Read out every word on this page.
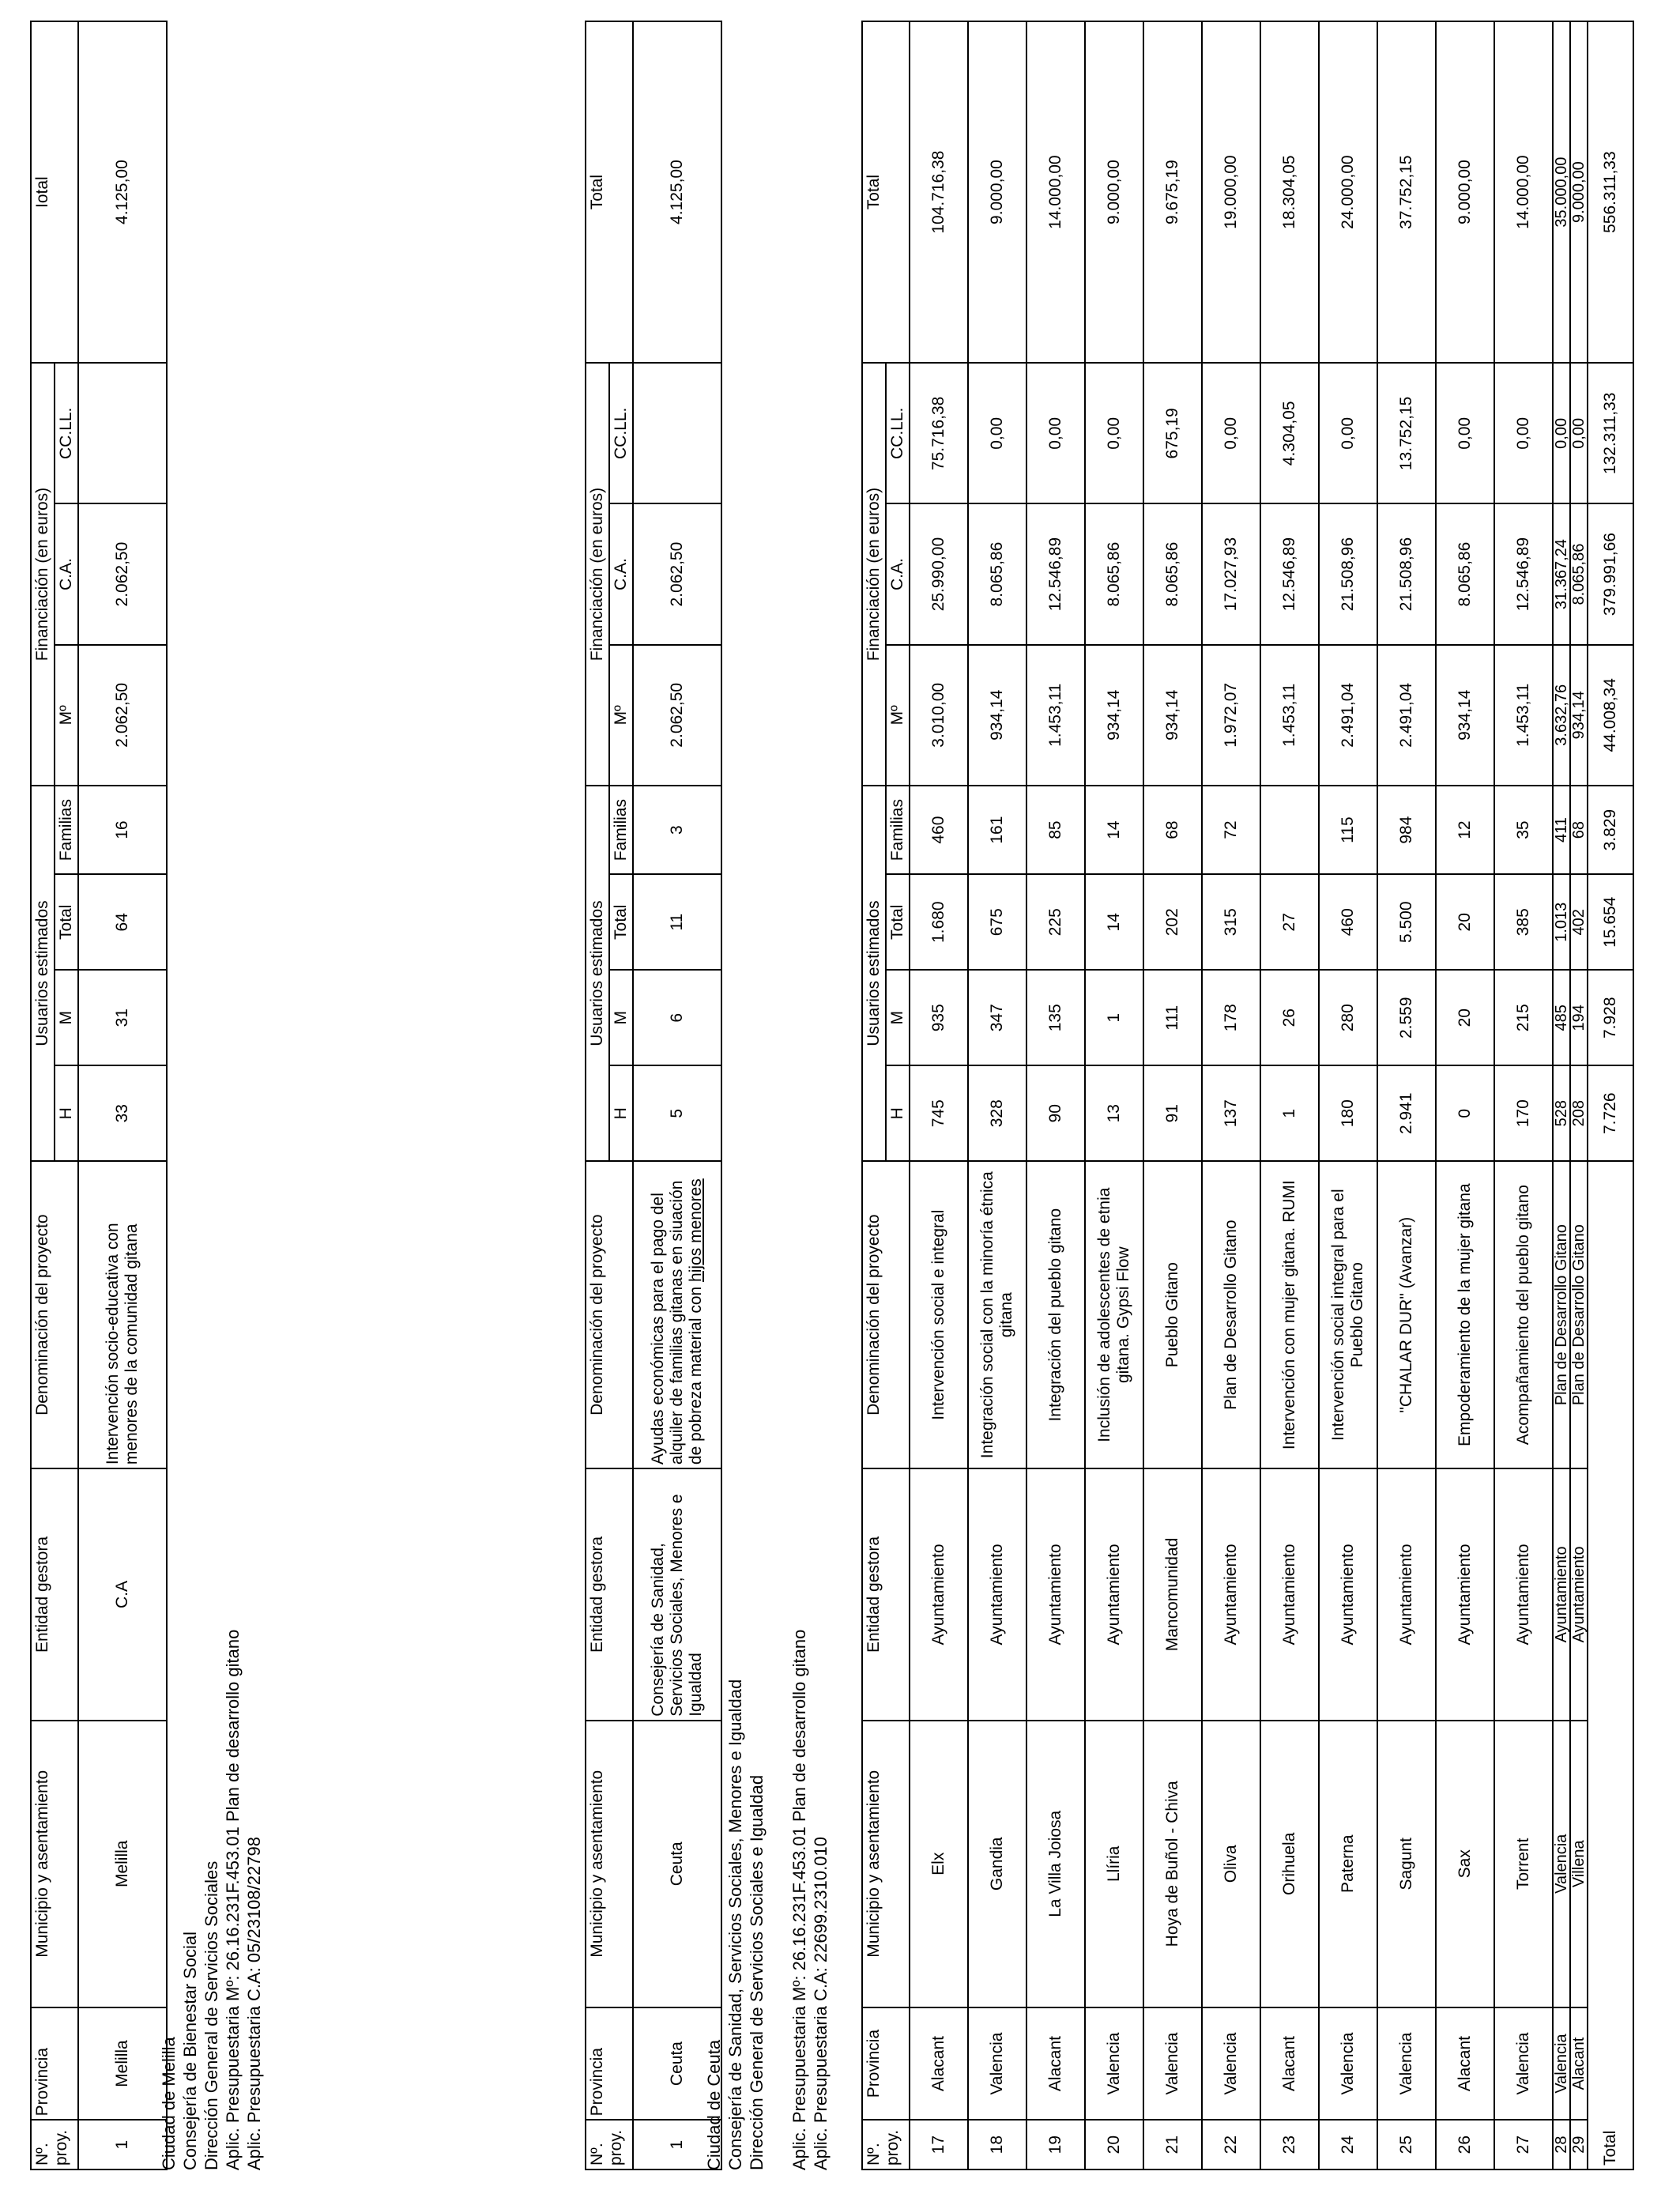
Nº. proy.	Provincia	Municipio y asentamiento	Entidad gestora	Denominación del proyecto	Usuarios estimados				Financiación (en euros)			Total
					H	M	Total	Familias	Mº	C.A.	CC.LL.	
17	Alacant	Elx	Ayuntamiento	Intervención social e integral	745	935	1.680	460	3.010,00	25.990,00	75.716,38	104.716,38
18	Valencia	Gandia	Ayuntamiento	Integración social con la minoría étnica gitana	328	347	675	161	934,14	8.065,86	0,00	9.000,00
19	Alacant	La Villa Joiosa	Ayuntamiento	Integración del pueblo gitano	90	135	225	85	1.453,11	12.546,89	0,00	14.000,00
20	Valencia	Llíria	Ayuntamiento	Inclusión de adolescentes de etnia gitana. Gypsi Flow	13	1	14	14	934,14	8.065,86	0,00	9.000,00
21	Valencia	Hoya de Buñol - Chiva	Mancomunidad	Pueblo Gitano	91	111	202	68	934,14	8.065,86	675,19	9.675,19
22	Valencia	Oliva	Ayuntamiento	Plan de Desarrollo Gitano	137	178	315	72	1.972,07	17.027,93	0,00	19.000,00
23	Alacant	Orihuela	Ayuntamiento	Intervención con mujer gitana. RUMI	1	26	27		1.453,11	12.546,89	4.304,05	18.304,05
24	Valencia	Paterna	Ayuntamiento	Intervención social integral para el Pueblo Gitano	180	280	460	115	2.491,04	21.508,96	0,00	24.000,00
25	Valencia	Sagunt	Ayuntamiento	"CHALAR DUR" (Avanzar)	2.941	2.559	5.500	984	2.491,04	21.508,96	13.752,15	37.752,15
26	Alacant	Sax	Ayuntamiento	Empoderamiento de la mujer gitana	0	20	20	12	934,14	8.065,86	0,00	9.000,00
27	Valencia	Torrent	Ayuntamiento	Acompañamiento del pueblo gitano	170	215	385	35	1.453,11	12.546,89	0,00	14.000,00
28	Valencia	Valencia	Ayuntamiento	Plan de Desarrollo Gitano	528	485	1.013	411	3.632,76	31.367,24	0,00	35.000,00
29	Alacant	Villena	Ayuntamiento	Plan de Desarrollo Gitano	208	194	402	68	934,14	8.065,86	0,00	9.000,00
Total					7.726	7.928	15.654	3.829	44.008,34	379.991,66	132.311,33	556.311,33
Ciudad de Ceuta Consejería de Sanidad, Servicios Sociales, Menores e Igualdad Dirección General de Servicios Sociales e Igualdad Aplic. Presupuestaria Mº: 26.16.231F.453.01 Plan de desarrollo gitano Aplic. Presupuestaria C.A: 22699.2310.010
Nº. proy.	Provincia	Municipio y asentamiento	Entidad gestora	Denominación del proyecto	Usuarios estimados				Financiación (en euros)			Total
					H	M	Total	Familias	Mº	C.A.	CC.LL.	
1	Ceuta	Ceuta	Consejería de Sanidad, Servicios Sociales, Menores e Igualdad	Ayudas económicas para el pago del alquiler de familias gitanas en siuación de pobreza material con hijos menores	5	6	11	3	2.062,50	2.062,50		4.125,00
Ciudad de Melilla Consejería de Bienestar Social Dirección General de Servicios Sociales Aplic. Presupuestaria Mº: 26.16.231F.453.01 Plan de desarrollo gitano Aplic. Presupuestaria C.A: 05/23108/22798
Nº. proy.	Provincia	Municipio y asentamiento	Entidad gestora	Denominación del proyecto	Usuarios estimados				Financiación (en euros)			Iotal
					H	M	Total	Familias	Mº	C.A.	CC.LL.	
1	Melilla	Melilla	C.A	Intervención socio-educativa con menores de la comunidad gitana	33	31	64	16	2.062,50	2.062,50		4.125,00
